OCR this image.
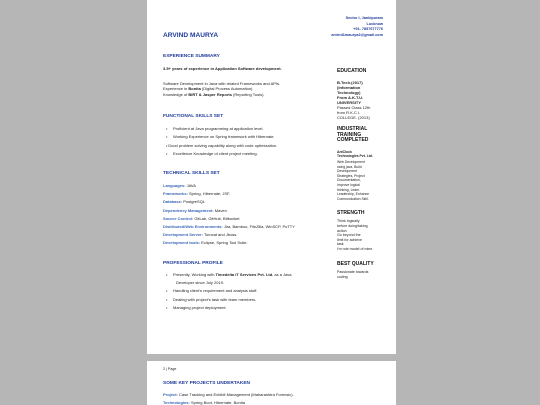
ARVIND MAURYA
Sector I, Jankipuram
Lucknow
+91- 7897677776
arvind1maurya2@gmail.com
EXPERIENCE SUMMARY
3.5+ years of experience in Application Software development.
Software Development in Java with related Frameworks and APIs.
Experience in Bonita (Digital Process Automation).
Knowledge of BIRT & Jasper Reports (Reporting Tools).
FUNCTIONAL SKILLS SET
• Proficient at Java programming at application level.
• Working Experience on Spring framework with Hibernate.
• Good problem solving capability along with code optimization.
• Excellence Knowledge of client project meeting.
TECHNICAL SKILLS SET
Languages: JAVA
Frameworks: Spring, Hibernate, JSF.
Database: PostgreSQL
Dependency Management: Maven
Source Control: GitLab, GitHub, Bitbucket
Distributed/Web Environments: Jira, Bamboo, FileZilla, WinSCP, PuTTY
Development Server: Tomcat and Jboss.
Development tools: Eclipse, Spring Tool Suite.
PROFESSIONAL PROFILE
• Presently, Working with Timedelta IT Services Pvt. Ltd. as a Java
Developer since July 2019.
• Handling client's requirement and analysis stuff.
• Dealing with project's task with team members.
• Managing project deployment.
EDUCATION
B.Tech.(2017)
(Information
Technology)
From A.K.T.U.
UNIVERSITY
Passed Class 12th
from R.K.C.I.
COLLEGE. (2013)
INDUSTRIAL
TRAINING
COMPLETED
AntClock
Technologies Pvt. Ltd.
Web Development
using java, Build
Development
Strategies, Project
Documentation,
Improve logical
thinking, Learn
Leadership, Enhance
Communication Skill.
STRENGTH
Think logically
before doing/taking
action
Go beyond the
limit for achieve
task
I'm role model of mine.
BEST QUALITY
Passionate towards
coding
2 | Page
SOME KEY PROJECTS UNDERTAKEN
Project: Case Tracking and Exhibit Management (Maharashtra Forensic).
Technologies: Spring Boot, Hibernate, Bonita
